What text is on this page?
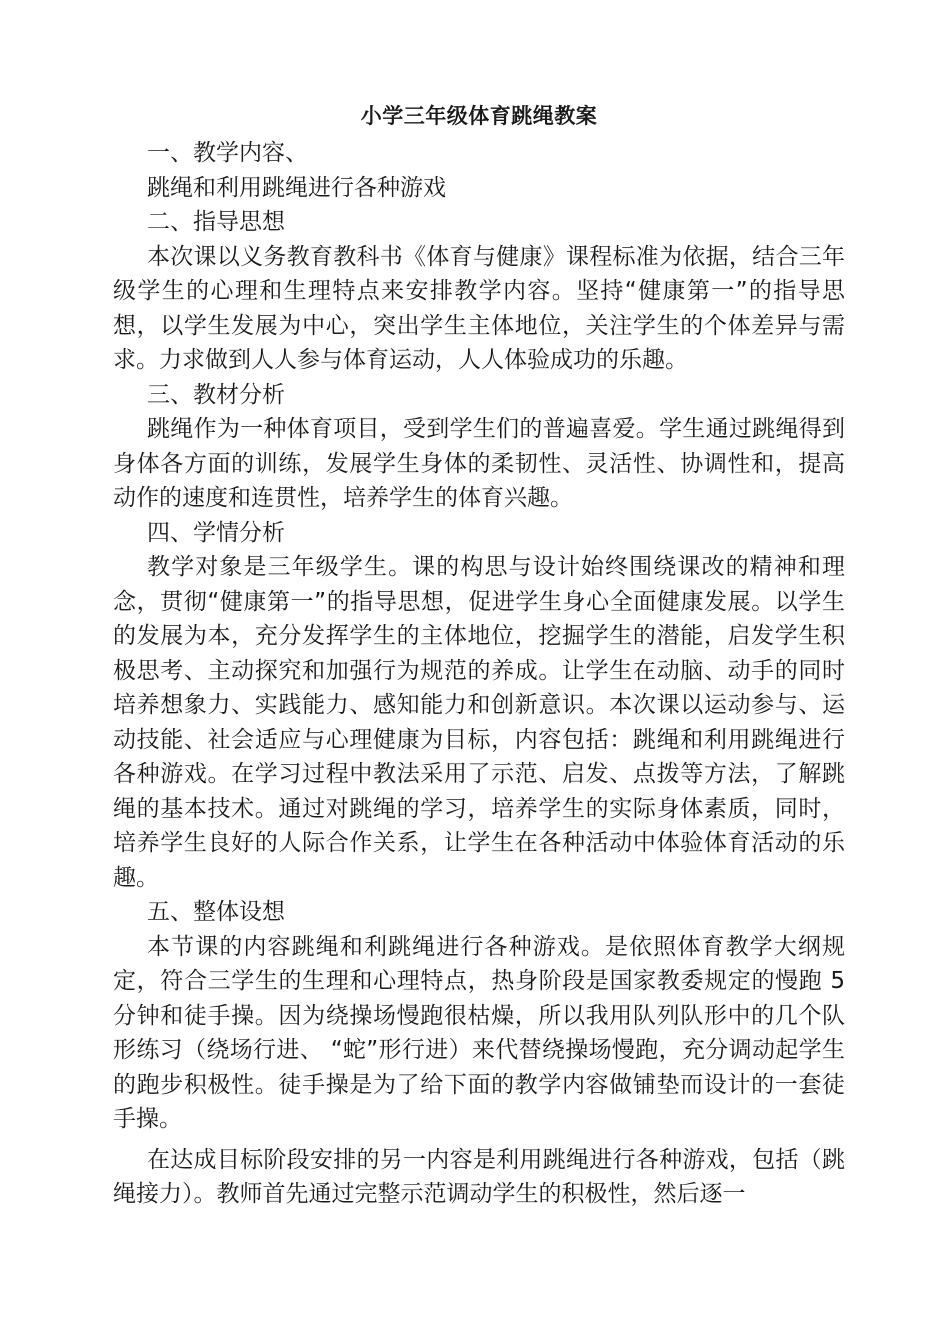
小学三年级体育跳绳教案

一、教学内容、

跳绳和利用跳绳进行各种游戏

二、指导思想

本次课以义务教育教科书《体育与健康》课程标准为依据，结合三年级学生的心理和生理特点来安排教学内容。坚持“健康第一”的指导思想，以学生发展为中心，突出学生主体地位，关注学生的个体差异与需求。力求做到人人参与体育运动，人人体验成功的乐趣。

三、教材分析

跳绳作为一种体育项目，受到学生们的普遍喜爱。学生通过跳绳得到身体各方面的训练，发展学生身体的柔韧性、灵活性、协调性和，提高动作的速度和连贯性，培养学生的体育兴趣。

四、学情分析

教学对象是三年级学生。课的构思与设计始终围绕课改的精神和理念，贯彻“健康第一”的指导思想，促进学生身心全面健康发展。以学生的发展为本，充分发挥学生的主体地位，挖掘学生的潜能，启发学生积极思考、主动探究和加强行为规范的养成。让学生在动脑、动手的同时培养想象力、实践能力、感知能力和创新意识。本次课以运动参与、运动技能、社会适应与心理健康为目标，内容包括：跳绳和利用跳绳进行各种游戏。在学习过程中教法采用了示范、启发、点拨等方法，了解跳绳的基本技术。通过对跳绳的学习，培养学生的实际身体素质，同时，培养学生良好的人际合作关系，让学生在各种活动中体验体育活动的乐趣。

五、整体设想

本节课的内容跳绳和利跳绳进行各种游戏。是依照体育教学大纲规定，符合三学生的生理和心理特点，热身阶段是国家教委规定的慢跑 5 分钟和徒手操。因为绕操场慢跑很枯燥，所以我用队列队形中的几个队形练习（绕场行进、 “蛇”形行进）来代替绕操场慢跑，充分调动起学生的跑步积极性。徒手操是为了给下面的教学内容做铺垫而设计的一套徒手操。

在达成目标阶段安排的另一内容是利用跳绳进行各种游戏，包括（跳绳接力）。教师首先通过完整示范调动学生的积极性，然后逐一
